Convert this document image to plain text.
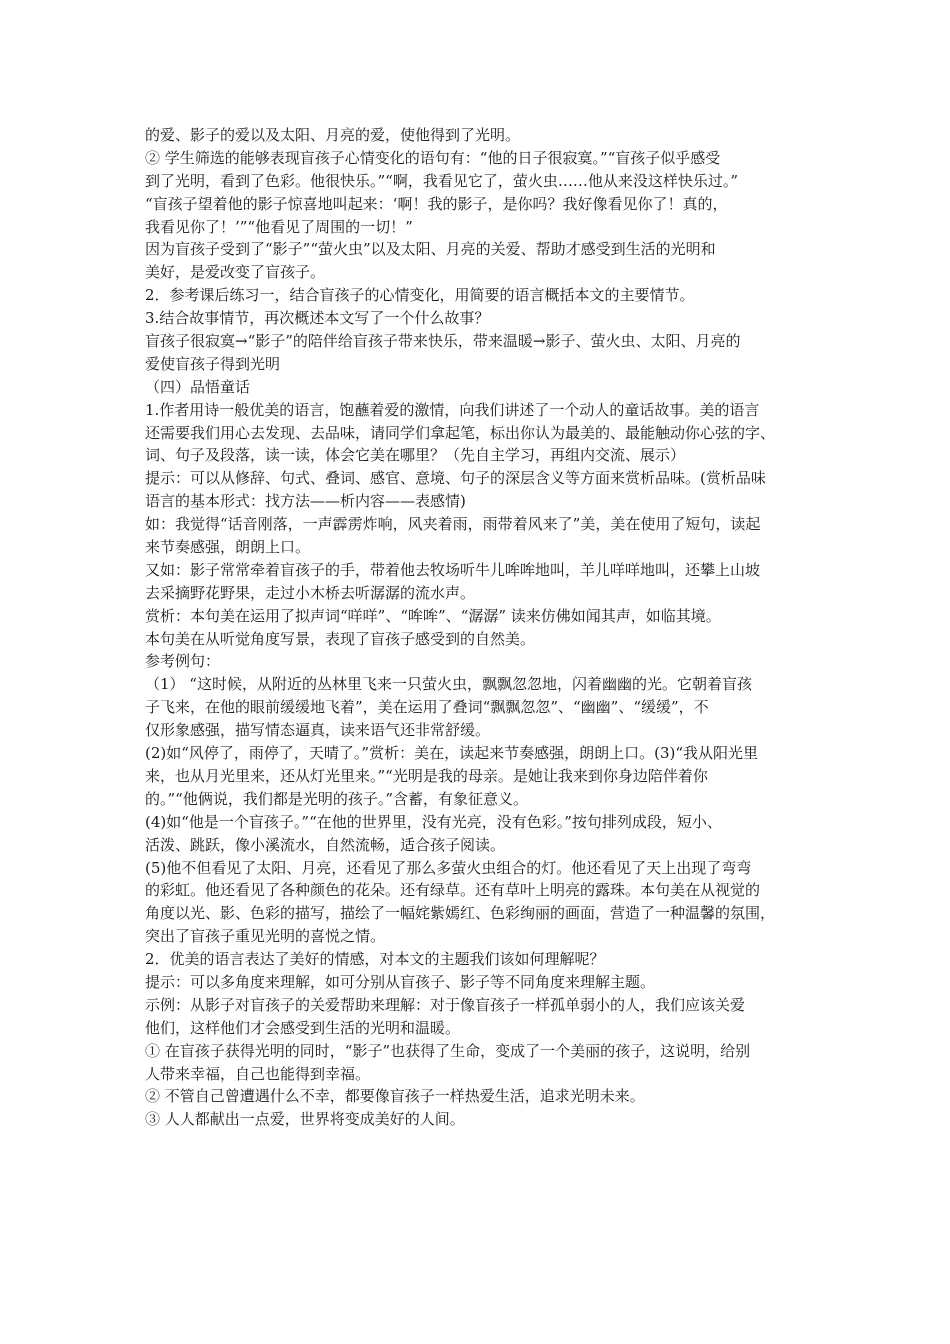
的爱、影子的爱以及太阳、月亮的爱，使他得到了光明。
② 学生筛选的能够表现盲孩子心情变化的语句有：“他的日子很寂寞。”“盲孩子似乎感受
到了光明，看到了色彩。他很快乐。”“啊，我看见它了，萤火虫……他从来没这样快乐过。”
“盲孩子望着他的影子惊喜地叫起来：‘啊！我的影子，是你吗？我好像看见你了！真的，
我看见你了！’”“他看见了周围的一切！”
因为盲孩子受到了“影子”“萤火虫”以及太阳、月亮的关爱、帮助才感受到生活的光明和
美好，是爱改变了盲孩子。
2．参考课后练习一，结合盲孩子的心情变化，用简要的语言概括本文的主要情节。
3.结合故事情节，再次概述本文写了一个什么故事？
盲孩子很寂寞→“影子”的陪伴给盲孩子带来快乐，带来温暖→影子、萤火虫、太阳、月亮的
爱使盲孩子得到光明
（四）品悟童话
1.作者用诗一般优美的语言，饱蘸着爱的激情，向我们讲述了一个动人的童话故事。美的语言
还需要我们用心去发现、去品味，请同学们拿起笔，标出你认为最美的、最能触动你心弦的字、
词、句子及段落，读一读，体会它美在哪里？（先自主学习，再组内交流、展示）
提示：可以从修辞、句式、叠词、感官、意境、句子的深层含义等方面来赏析品味。(赏析品味
语言的基本形式：找方法——析内容——表感情)
如：我觉得“话音刚落，一声霹雳炸响，风夹着雨，雨带着风来了”美，美在使用了短句，读起
来节奏感强，朗朗上口。
又如：影子常常牵着盲孩子的手，带着他去牧场听牛儿哞哞地叫，羊儿咩咩地叫，还攀上山坡
去采摘野花野果，走过小木桥去听潺潺的流水声。
赏析：本句美在运用了拟声词“咩咩”、“哞哞”、“潺潺” 读来仿佛如闻其声，如临其境。
本句美在从听觉角度写景，表现了盲孩子感受到的自然美。
参考例句：
（1） “这时候，从附近的丛林里飞来一只萤火虫，飘飘忽忽地，闪着幽幽的光。它朝着盲孩
子飞来，在他的眼前缓缓地飞着”，美在运用了叠词“飘飘忽忽”、“幽幽”、“缓缓”，不
仅形象感强，描写情态逼真，读来语气还非常舒缓。
(2)如“风停了，雨停了，天晴了。”赏析：美在，读起来节奏感强，朗朗上口。(3)“我从阳光里
来，也从月光里来，还从灯光里来。”“光明是我的母亲。是她让我来到你身边陪伴着你
的。”“他俩说，我们都是光明的孩子。”含蓄，有象征意义。
(4)如“他是一个盲孩子。”“在他的世界里，没有光亮，没有色彩。”按句排列成段，短小、
活泼、跳跃，像小溪流水，自然流畅，适合孩子阅读。
(5)他不但看见了太阳、月亮，还看见了那么多萤火虫组合的灯。他还看见了天上出现了弯弯
的彩虹。他还看见了各种颜色的花朵。还有绿草。还有草叶上明亮的露珠。本句美在从视觉的
角度以光、影、色彩的描写，描绘了一幅姹紫嫣红、色彩绚丽的画面，营造了一种温馨的氛围，
突出了盲孩子重见光明的喜悦之情。
2．优美的语言表达了美好的情感，对本文的主题我们该如何理解呢？
提示：可以多角度来理解，如可分别从盲孩子、影子等不同角度来理解主题。
示例：从影子对盲孩子的关爱帮助来理解：对于像盲孩子一样孤单弱小的人，我们应该关爱
他们，这样他们才会感受到生活的光明和温暖。
① 在盲孩子获得光明的同时，“影子”也获得了生命，变成了一个美丽的孩子，这说明，给别
人带来幸福，自己也能得到幸福。
② 不管自己曾遭遇什么不幸，都要像盲孩子一样热爱生活，追求光明未来。
③ 人人都献出一点爱，世界将变成美好的人间。
